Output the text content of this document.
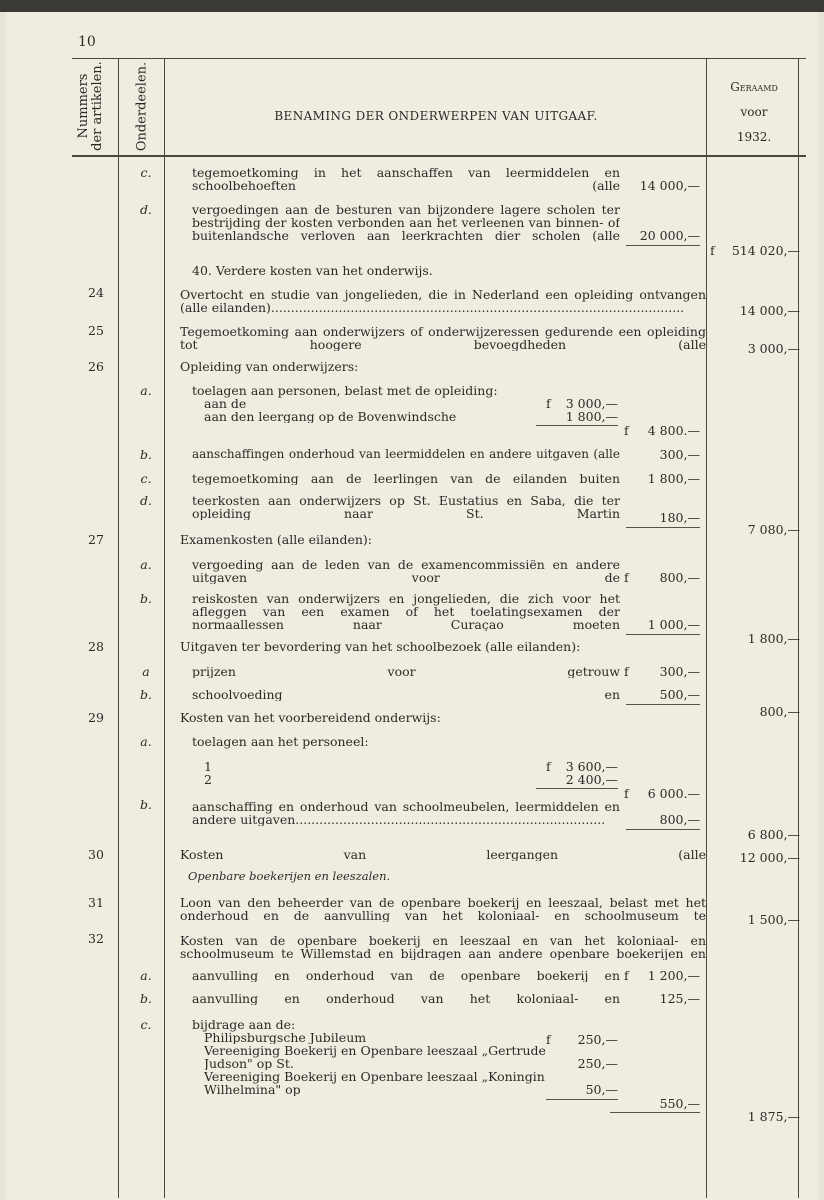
10
Nummers der artikelen. Onderdeelen.	BENAMING DER ONDERWERPEN VAN UITGAAF.
Geraamd
voor
1932.
c.	tegemoetkoming in het aanschaffen van leermiddelen en schoolbehoeften (alle	14 000,—
d.	vergoedingen aan de besturen van bijzondere lagere scholen ter bestrijding der kosten verbonden aan het verleenen van binnen- of buitenlandsche verloven aan leerkrachten dier scholen (alle	20 000,—
f	514 020,—
40. Verdere kosten van het onderwijs.
24	Overtocht en studie van jongelieden, die in Nederland een opleiding ontvangen (alle eilanden)........................................................................................................	14 000,—
25	Tegemoetkoming aan onderwijzers of onderwijzeressen gedurende een opleiding tot hoogere bevoegdheden (alle	3 000,—
26	Opleiding van onderwijzers:
a.	toelagen aan personen, belast met de opleiding:
aan de	f	3 000,—
aan den leergang op de Bovenwindsche	1 800,—
f	4 800.—
b.	aanschaffingen onderhoud van leermiddelen en andere uitgaven (alle	300,—
c.	tegemoetkoming aan de leerlingen van de eilanden buiten	1 800,—
d.	teerkosten aan onderwijzers op St. Eustatius en Saba, die ter opleiding naar St. Martin	180,—
7 080,—
27	Examenkosten (alle eilanden):
a.	vergoeding aan de leden van de examencommissiën en andere uitgaven voor de f	800,—
b.	reiskosten van onderwijzers en jongelieden, die zich voor het afleggen van een examen of het toelatingsexamen der normaallessen naar Curaçao moeten	1 000,—
1 800,—
28	Uitgaven ter bevordering van het schoolbezoek (alle eilanden):
a	prijzen voor getrouw f	300,—
b.	schoolvoeding en	500,—
800,—
29	Kosten van het voorbereidend onderwijs:
a.	toelagen aan het personeel:
1	f	3 600,—
2	2 400,—
f	6 000.—
b.	aanschaffing en onderhoud van schoolmeubelen, leermiddelen en andere uitgaven..............................................................................	800,—
6 800,—
30	Kosten van leergangen (alle	12 000,—
Openbare boekerijen en leeszalen.
31	Loon van den beheerder van de openbare boekerij en leeszaal, belast met het onderhoud en de aanvulling van het koloniaal- en schoolmuseum te	1 500,—
32	Kosten van de openbare boekerij en leeszaal en van het koloniaal- en schoolmuseum te Willemstad en bijdragen aan andere openbare boekerijen en
a.	aanvulling en onderhoud van de openbare boekerij en f	1 200,—
b.	aanvulling en onderhoud van het koloniaal- en	125,—
c.	bijdrage aan de:
Philipsburgsche Jubileum	f	250,—
Vereeniging Boekerij en Openbare leeszaal „Gertrude Judson" op St.	250,—
Vereeniging Boekerij en Openbare leeszaal „Koningin Wilhelmina" op	50,—
550,—
1 875,—
